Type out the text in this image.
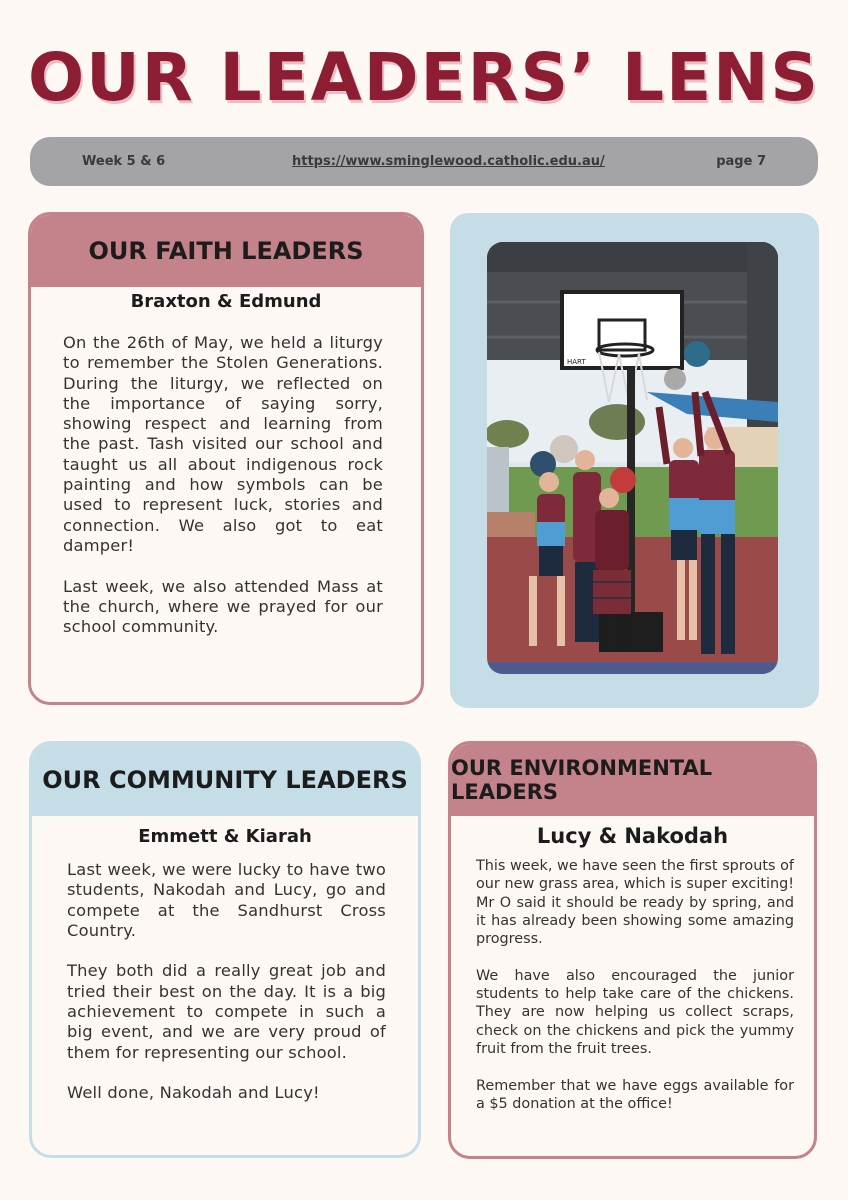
OUR LEADERS’ LENS
Week 5 & 6	https://www.sminglewood.catholic.edu.au/	page 7
OUR FAITH LEADERS
Braxton & Edmund
On the 26th of May, we held a liturgy to remember the Stolen Generations. During the liturgy, we reflected on the importance of saying sorry, showing respect and learning from the past. Tash visited our school and taught us all about indigenous rock painting and how symbols can be used to represent luck, stories and connection. We also got to eat damper!

Last week, we also attended Mass at the church, where we prayed for our school community.
HART
OUR COMMUNITY LEADERS
Emmett & Kiarah
Last week, we were lucky to have two students, Nakodah and Lucy, go and compete at the Sandhurst Cross Country.

They both did a really great job and tried their best on the day. It is a big achievement to compete in such a big event, and we are very proud of them for representing our school.

Well done, Nakodah and Lucy!
OUR ENVIRONMENTAL LEADERS
Lucy & Nakodah
This week, we have seen the first sprouts of our new grass area, which is super exciting! Mr O said it should be ready by spring, and it has already been showing some amazing progress.

We have also encouraged the junior students to help take care of the chickens. They are now helping us collect scraps, check on the chickens and pick the yummy fruit from the fruit trees.

Remember that we have eggs available for a $5 donation at the office!
